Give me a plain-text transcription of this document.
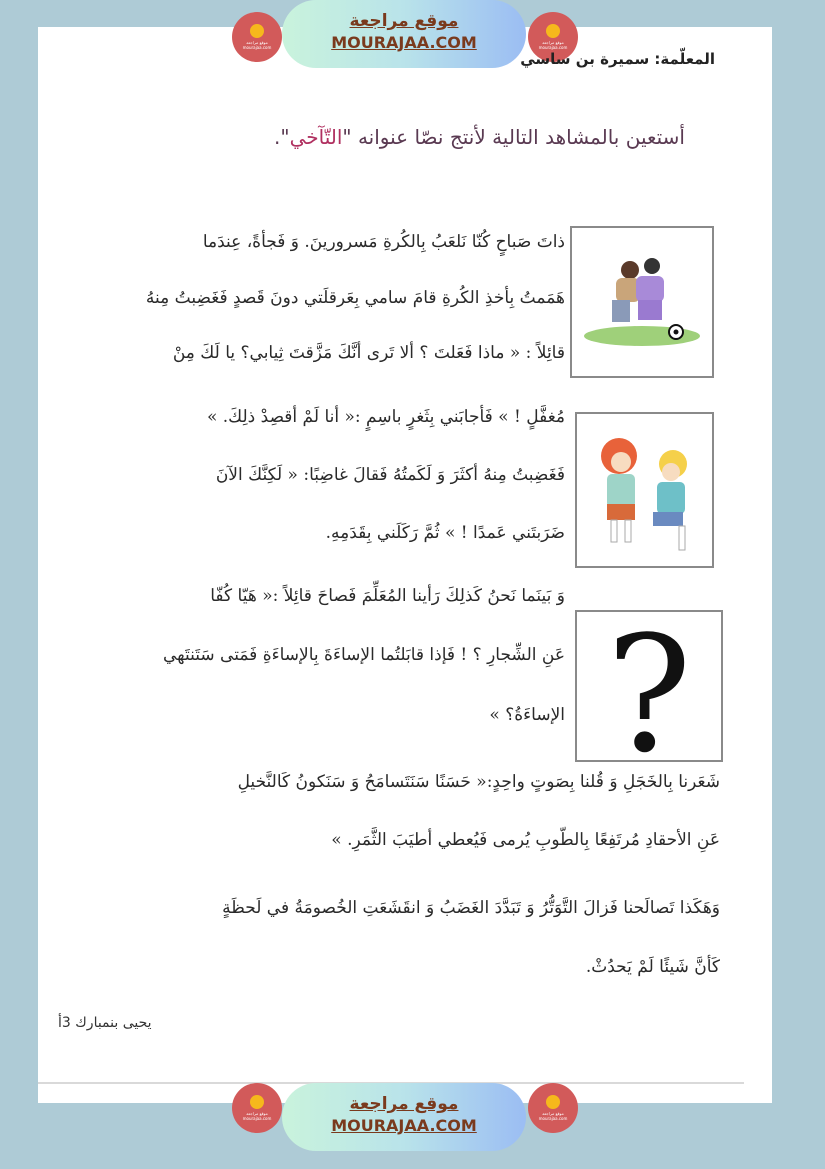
موقع مراجعة mourajaa.com
موقع مراجعة
MOURAJAA.COM	موقع مراجعة mourajaa.com
المعلّمة: سميرة بن ساسي
أستعين بالمشاهد التالية لأنتج نصّا عنوانه "التّآخي".
ذاتَ صَباحٍ كُنّا نَلعَبُ بِالكُرةِ مَسرورينَ. وَ فَجأةً، عِندَما
هَمَمتُ بِأخذِ الكُرةِ قامَ سامي بِعَرقلَتي دونَ قَصدٍ فَغَضِبتُ مِنهُ
قائِلاً : « ماذا فَعَلتَ ؟ ألا تَرى أنَّكَ مَزَّقتَ ثِيابي؟ يا لَكَ مِنْ
مُغفَّلٍ ! » فَأجابَني بِثَغرٍ باسِمٍ :« أنا لَمْ أقصِدْ ذلِكَ. »
فَغَضِبتُ مِنهُ أكثَرَ وَ لَكَمتُهُ فَقالَ غاضِبًا: « لَكِنَّكَ الآنَ
ضَرَبتَني عَمدًا ! » ثُمَّ رَكَلَني بِقَدَمِهِ.
وَ بَينَما نَحنُ كَذلِكَ رَأينا المُعَلِّمَ فَصاحَ قائِلاً :« هَيّا كُفّا
عَنِ الشِّجارِ ؟ ! فَإذا قابَلتُما الإساءَةَ بِالإساءَةِ فَمَتى سَتَنتَهي
الإساءَةُ؟ »
شَعَرنا بِالخَجَلِ وَ قُلنا بِصَوتٍ واحِدٍ:« حَسَنًا سَنَتَسامَحُ وَ سَنَكونُ كَالنَّخيلِ
عَنِ الأحقادِ مُرتَفِعًا بِالطّوبِ يُرمى فَيُعطي أطيَبَ الثَّمَرِ. »
وَهَكَذا تَصالَحنا فَزالَ التَّوَتُّرُ وَ تَبَدَّدَ الغَضَبُ وَ انقَشَعَتِ الخُصومَةُ في لَحظَةٍ
كَأنَّ شَيئًا لَمْ يَحدُثْ.
?
يحيى بنمبارك 3أ
موقع مراجعة mourajaa.com
موقع مراجعة
MOURAJAA.COM
موقع مراجعة mourajaa.com
